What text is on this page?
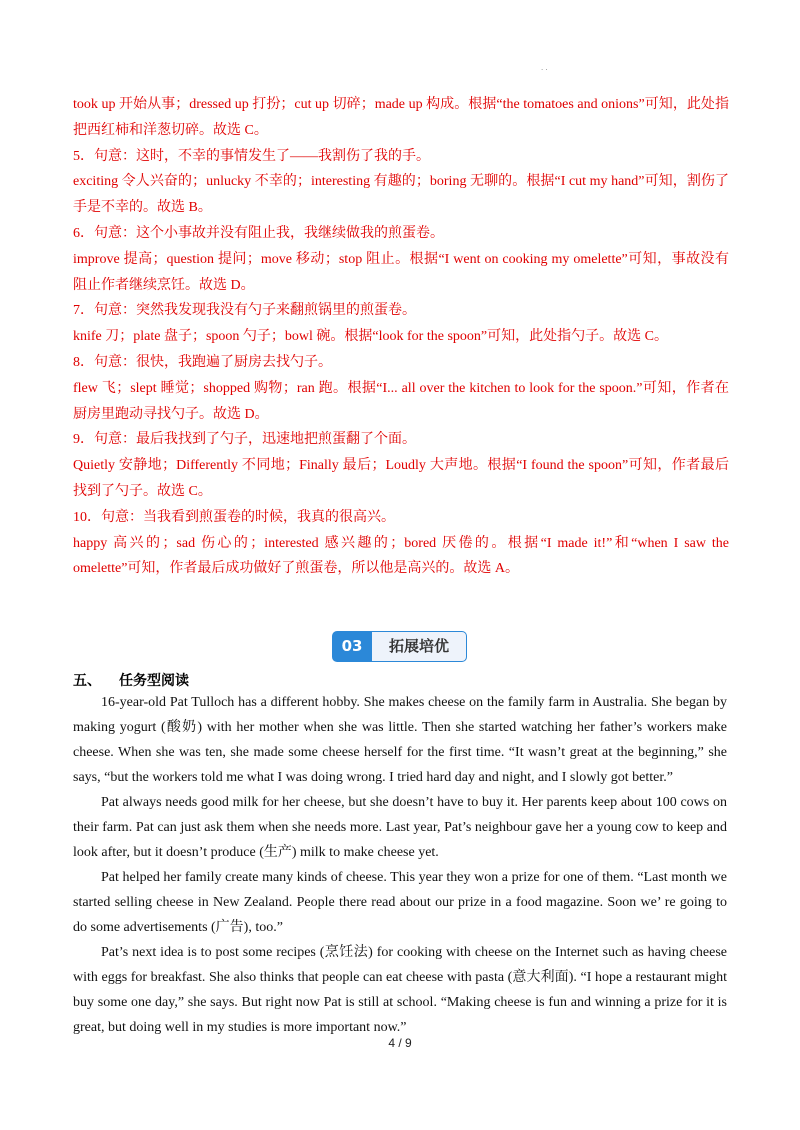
· ·

took up 开始从事；dressed up 打扮；cut up 切碎；made up 构成。根据“the tomatoes and onions”可知，此处指把西红柿和洋葱切碎。故选 C。

5．句意：这时，不幸的事情发生了——我割伤了我的手。

exciting 令人兴奋的；unlucky 不幸的；interesting 有趣的；boring 无聊的。根据“I cut my hand”可知，割伤了手是不幸的。故选 B。

6．句意：这个小事故并没有阻止我，我继续做我的煎蛋卷。

improve 提高；question 提问；move 移动；stop 阻止。根据“I went on cooking my omelette”可知，事故没有阻止作者继续烹饪。故选 D。

7．句意：突然我发现我没有勺子来翻煎锅里的煎蛋卷。

knife 刀；plate 盘子；spoon 勺子；bowl 碗。根据“look for the spoon”可知，此处指勺子。故选 C。

8．句意：很快，我跑遍了厨房去找勺子。

flew 飞；slept 睡觉；shopped 购物；ran 跑。根据“I... all over the kitchen to look for the spoon.”可知，作者在厨房里跑动寻找勺子。故选 D。

9．句意：最后我找到了勺子，迅速地把煎蛋翻了个面。

Quietly 安静地；Differently 不同地；Finally 最后；Loudly 大声地。根据“I found the spoon”可知，作者最后找到了勺子。故选 C。

10．句意：当我看到煎蛋卷的时候，我真的很高兴。

happy 高兴的；sad 伤心的；interested 感兴趣的；bored 厌倦的。根据“I made it!”和“when I saw the omelette”可知，作者最后成功做好了煎蛋卷，所以他是高兴的。故选 A。

03	拓展培优
五、 任务型阅读

16-year-old Pat Tulloch has a different hobby. She makes cheese on the family farm in Australia. She began by making yogurt (酸奶) with her mother when she was little. Then she started watching her father’s workers make cheese. When she was ten, she made some cheese herself for the first time. “It wasn’t great at the beginning,” she says, “but the workers told me what I was doing wrong. I tried hard day and night, and I slowly got better.”

Pat always needs good milk for her cheese, but she doesn’t have to buy it. Her parents keep about 100 cows on their farm. Pat can just ask them when she needs more. Last year, Pat’s neighbour gave her a young cow to keep and look after, but it doesn’t produce (生产) milk to make cheese yet.

Pat helped her family create many kinds of cheese. This year they won a prize for one of them. “Last month we started selling cheese in New Zealand. People there read about our prize in a food magazine. Soon we’ re going to do some advertisements (广告), too.”

Pat’s next idea is to post some recipes (烹饪法) for cooking with cheese on the Internet such as having cheese with eggs for breakfast. She also thinks that people can eat cheese with pasta (意大利面). “I hope a restaurant might buy some one day,” she says. But right now Pat is still at school. “Making cheese is fun and winning a prize for it is great, but doing well in my studies is more important now.”

4 / 9
